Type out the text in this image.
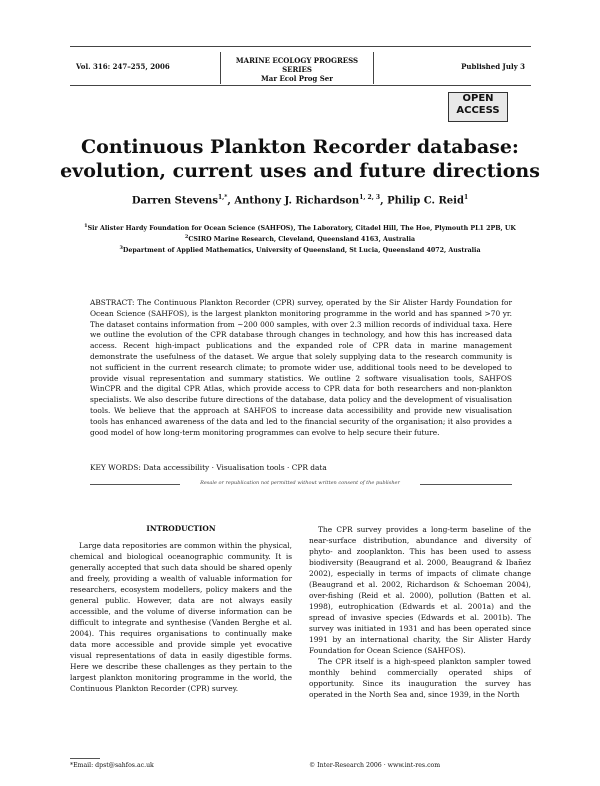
Vol. 316: 247–255, 2006
MARINE ECOLOGY PROGRESS SERIES
Mar Ecol Prog Ser
Published July 3
OPEN
ACCESS
Continuous Plankton Recorder database:
evolution, current uses and future directions
Darren Stevens$^{1,*}$, Anthony J. Richardson$^{1, 2, 3}$, Philip C. Reid$^1$
$^1$Sir Alister Hardy Foundation for Ocean Science (SAHFOS), The Laboratory, Citadel Hill, The Hoe, Plymouth PL1 2PB, UK
$^2$CSIRO Marine Research, Cleveland, Queensland 4163, Australia
$^3$Department of Applied Mathematics, University of Queensland, St Lucia, Queensland 4072, Australia
ABSTRACT: The Continuous Plankton Recorder (CPR) survey, operated by the Sir Alister Hardy Foundation for Ocean Science (SAHFOS), is the largest plankton monitoring programme in the world and has spanned >70 yr. The dataset contains information from ~200 000 samples, with over 2.3 million records of individual taxa. Here we outline the evolution of the CPR database through changes in technology, and how this has increased data access. Recent high-impact publications and the expanded role of CPR data in marine management demonstrate the usefulness of the dataset. We argue that solely supplying data to the research community is not sufficient in the current research climate; to promote wider use, additional tools need to be developed to provide visual representation and summary statistics. We outline 2 software visualisation tools, SAHFOS WinCPR and the digital CPR Atlas, which provide access to CPR data for both researchers and non-plankton specialists. We also describe future directions of the database, data policy and the development of visualisation tools. We believe that the approach at SAHFOS to increase data accessibility and provide new visualisation tools has enhanced awareness of the data and led to the financial security of the organisation; it also provides a good model of how long-term monitoring programmes can evolve to help secure their future.
KEY WORDS: Data accessibility · Visualisation tools · CPR data
Resale or republication not permitted without written consent of the publisher
INTRODUCTION

Large data repositories are common within the physical, chemical and biological oceanographic community. It is generally accepted that such data should be shared openly and freely, providing a wealth of valuable information for researchers, ecosystem modellers, policy makers and the general public. However, data are not always easily accessible, and the volume of diverse information can be difficult to integrate and synthesise (Vanden Berghe et al. 2004). This requires organisations to continually make data more accessible and provide simple yet evocative visual representations of data in easily digestible forms. Here we describe these challenges as they pertain to the largest plankton monitoring programme in the world, the Continuous Plankton Recorder (CPR) survey.

The CPR survey provides a long-term baseline of the near-surface distribution, abundance and diversity of phyto- and zooplankton. This has been used to assess biodiversity (Beaugrand et al. 2000, Beaugrand & Ibañez 2002), especially in terms of impacts of climate change (Beaugrand et al. 2002, Richardson & Schoeman 2004), over-fishing (Reid et al. 2000), pollution (Batten et al. 1998), eutrophication (Edwards et al. 2001a) and the spread of invasive species (Edwards et al. 2001b). The survey was initiated in 1931 and has been operated since 1991 by an international charity, the Sir Alister Hardy Foundation for Ocean Science (SAHFOS).

The CPR itself is a high-speed plankton sampler towed monthly behind commercially operated ships of opportunity. Since its inauguration the survey has operated in the North Sea and, since 1939, in the North

*Email: dpst@sahfos.ac.uk	© Inter-Research 2006 · www.int-res.com
